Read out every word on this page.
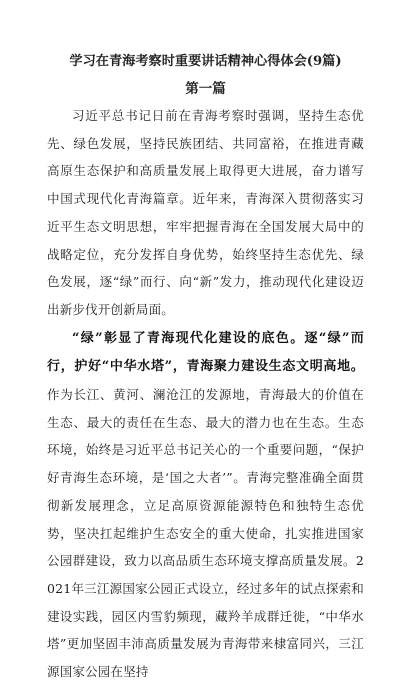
学习在青海考察时重要讲话精神心得体会(9篇)
第一篇

习近平总书记日前在青海考察时强调，坚持生态优先、绿色发展，坚持民族团结、共同富裕，在推进青藏高原生态保护和高质量发展上取得更大进展，奋力谱写中国式现代化青海篇章。近年来，青海深入贯彻落实习近平生态文明思想，牢牢把握青海在全国发展大局中的战略定位，充分发挥自身优势，始终坚持生态优先、绿色发展，逐“绿”而行、向“新”发力，推动现代化建设迈出新步伐开创新局面。

“绿”彰显了青海现代化建设的底色。逐“绿”而行，护好“中华水塔”，青海聚力建设生态文明高地。作为长江、黄河、澜沧江的发源地，青海最大的价值在生态、最大的责任在生态、最大的潜力也在生态。生态环境，始终是习近平总书记关心的一个重要问题，“保护好青海生态环境，是‘国之大者’”。青海完整准确全面贯彻新发展理念，立足高原资源能源特色和独特生态优势，坚决扛起维护生态安全的重大使命，扎实推进国家公园群建设，致力以高品质生态环境支撑高质量发展。2021年三江源国家公园正式设立，经过多年的试点探索和建设实践，园区内雪豹频现，藏羚羊成群迁徙，“中华水塔”更加坚固丰沛高质量发展为青海带来棣富同兴，三江源国家公园在坚持
